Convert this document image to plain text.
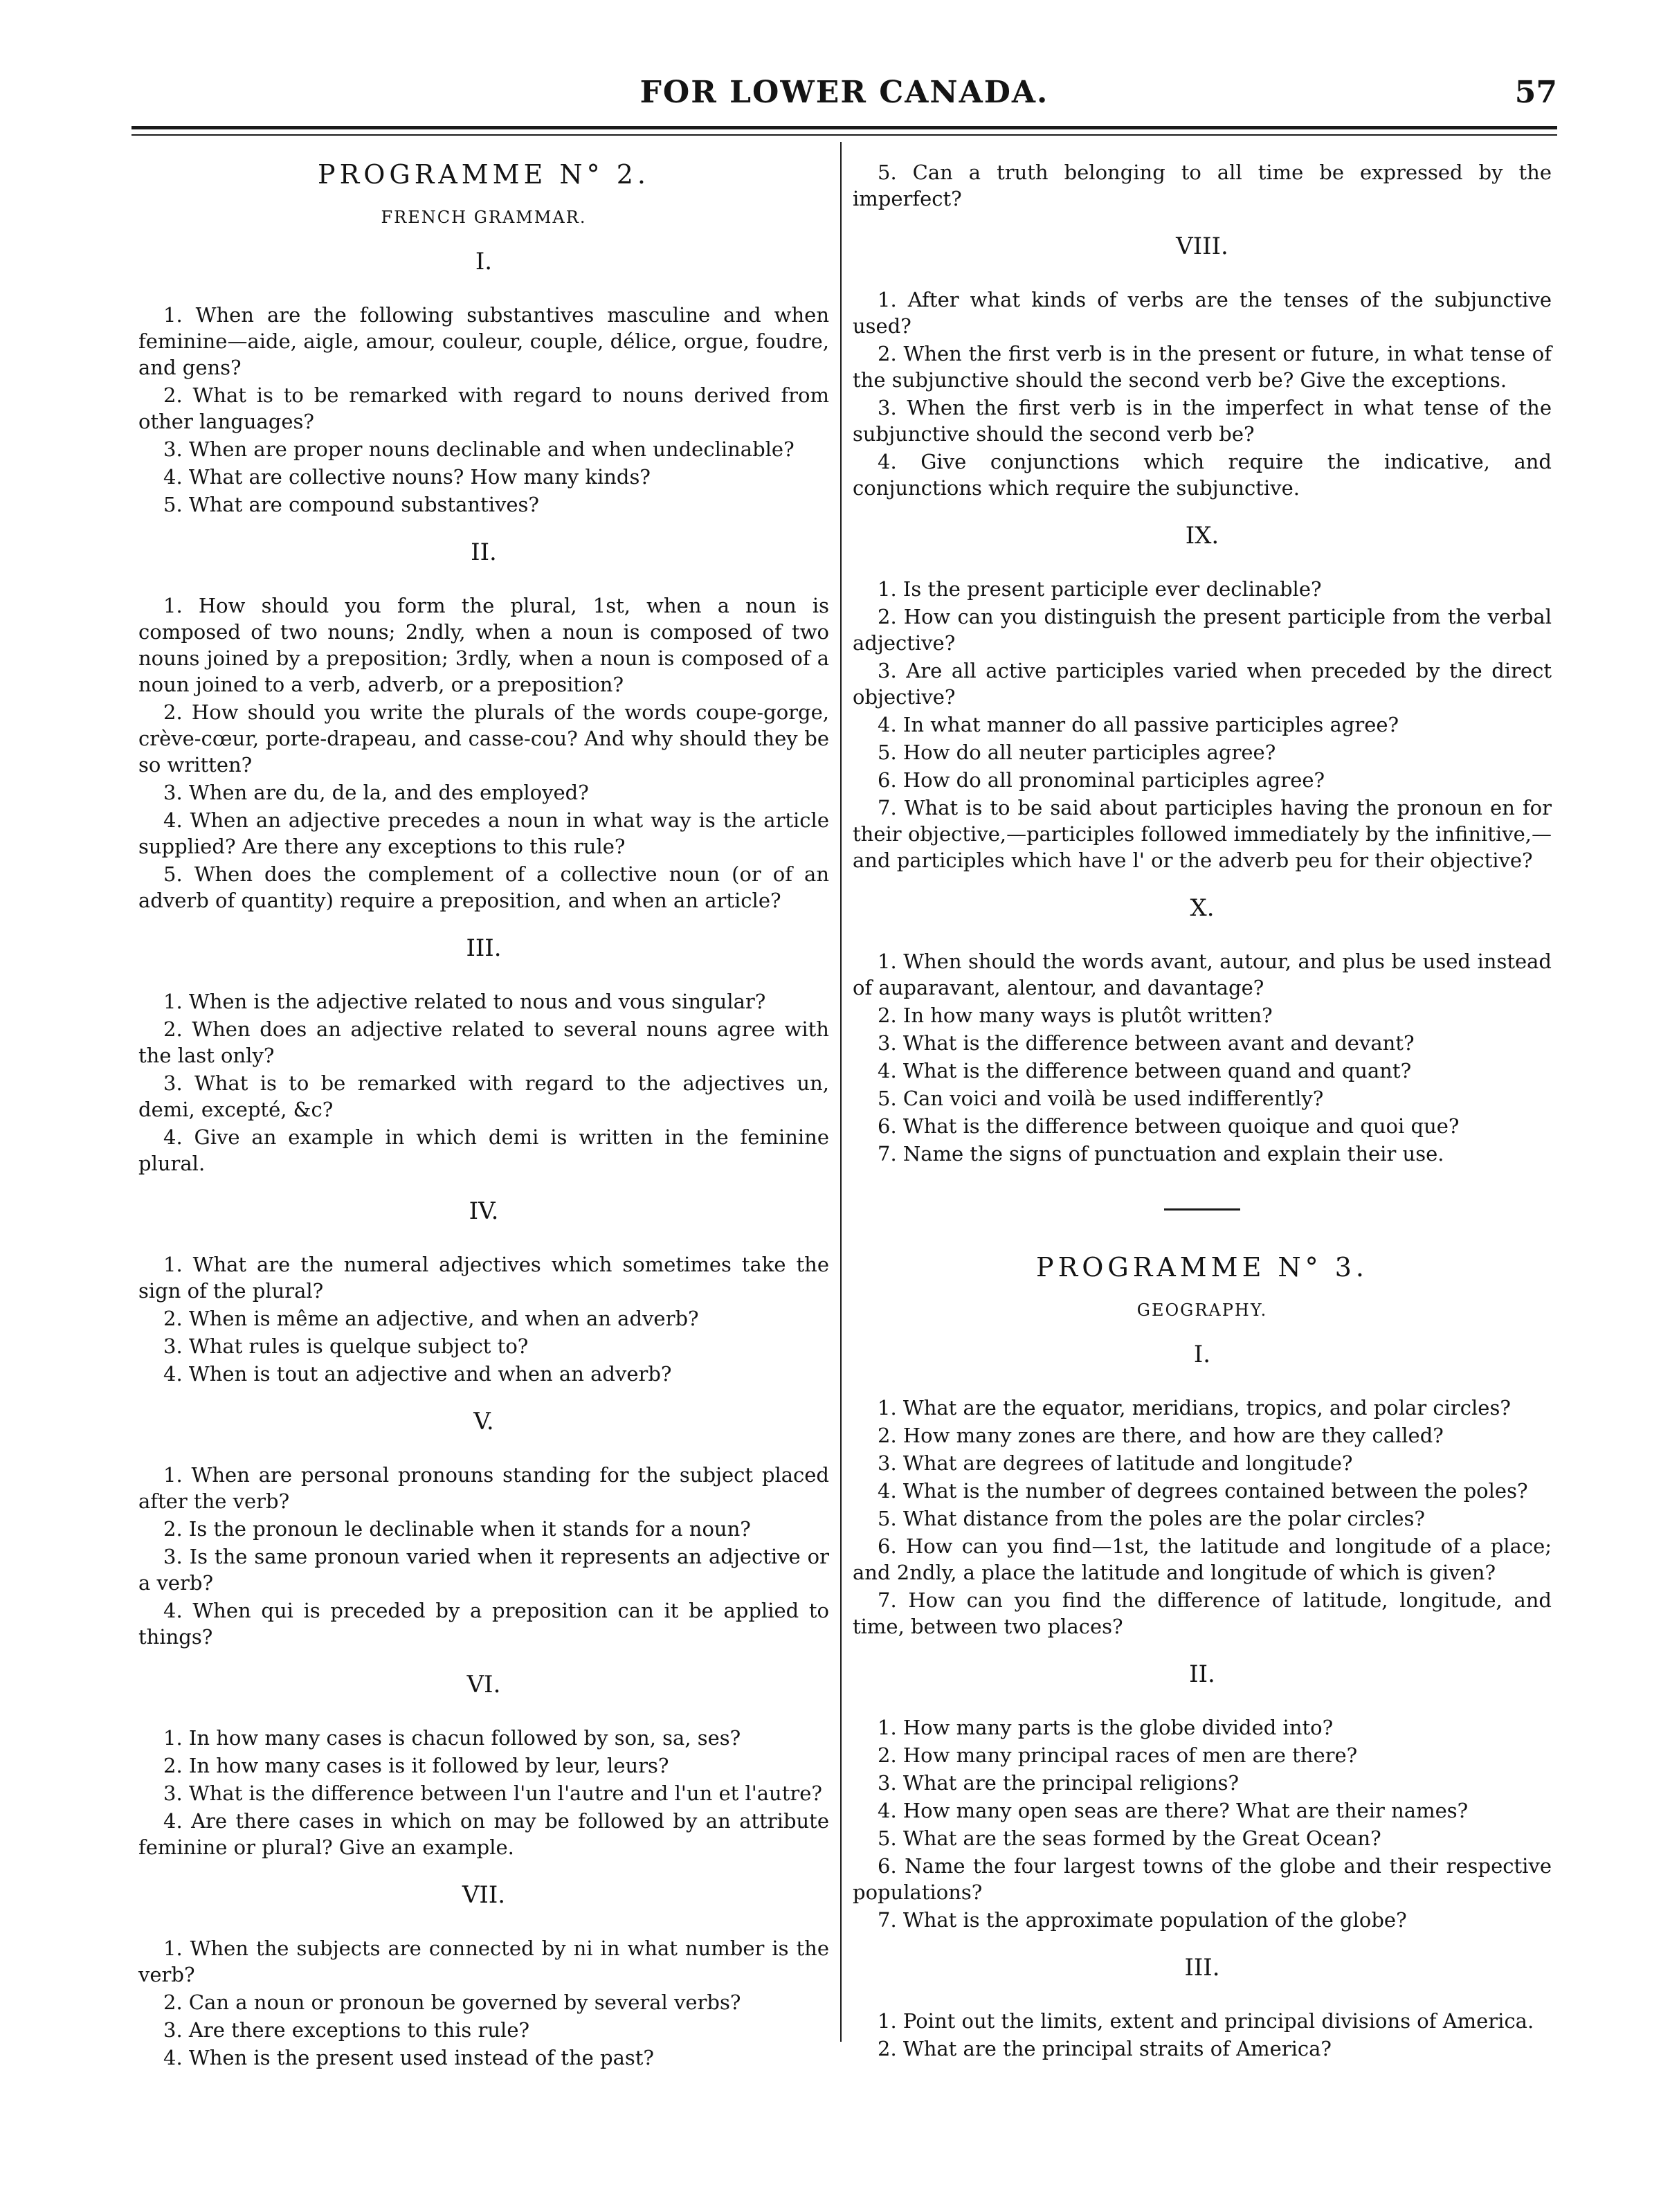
FOR LOWER CANADA.	57
PROGRAMME N° 2.
FRENCH GRAMMAR.
I.

1. When are the following substantives masculine and when feminine—aide, aigle, amour, couleur, couple, délice, orgue, foudre, and gens?

2. What is to be remarked with regard to nouns derived from other languages?

3. When are proper nouns declinable and when undeclinable?

4. What are collective nouns? How many kinds?

5. What are compound substantives?

II.

1. How should you form the plural, 1st, when a noun is composed of two nouns; 2ndly, when a noun is composed of two nouns joined by a preposition; 3rdly, when a noun is composed of a noun joined to a verb, adverb, or a preposition?

2. How should you write the plurals of the words coupe-gorge, crève-cœur, porte-drapeau, and casse-cou? And why should they be so written?

3. When are du, de la, and des employed?

4. When an adjective precedes a noun in what way is the article supplied? Are there any exceptions to this rule?

5. When does the complement of a collective noun (or of an adverb of quantity) require a preposition, and when an article?

III.

1. When is the adjective related to nous and vous singular?

2. When does an adjective related to several nouns agree with the last only?

3. What is to be remarked with regard to the adjectives un, demi, excepté, &c?

4. Give an example in which demi is written in the feminine plural.

IV.

1. What are the numeral adjectives which sometimes take the sign of the plural?

2. When is même an adjective, and when an adverb?

3. What rules is quelque subject to?

4. When is tout an adjective and when an adverb?

V.

1. When are personal pronouns standing for the subject placed after the verb?

2. Is the pronoun le declinable when it stands for a noun?

3. Is the same pronoun varied when it represents an adjective or a verb?

4. When qui is preceded by a preposition can it be applied to things?

VI.

1. In how many cases is chacun followed by son, sa, ses?

2. In how many cases is it followed by leur, leurs?

3. What is the difference between l'un l'autre and l'un et l'autre?

4. Are there cases in which on may be followed by an attribute feminine or plural? Give an example.

VII.

1. When the subjects are connected by ni in what number is the verb?

2. Can a noun or pronoun be governed by several verbs?

3. Are there exceptions to this rule?

4. When is the present used instead of the past?

5. Can a truth belonging to all time be expressed by the imperfect?

VIII.

1. After what kinds of verbs are the tenses of the subjunctive used?

2. When the first verb is in the present or future, in what tense of the subjunctive should the second verb be? Give the exceptions.

3. When the first verb is in the imperfect in what tense of the subjunctive should the second verb be?

4. Give conjunctions which require the indicative, and conjunctions which require the subjunctive.

IX.

1. Is the present participle ever declinable?

2. How can you distinguish the present participle from the verbal adjective?

3. Are all active participles varied when preceded by the direct objective?

4. In what manner do all passive participles agree?

5. How do all neuter participles agree?

6. How do all pronominal participles agree?

7. What is to be said about participles having the pronoun en for their objective,—participles followed immediately by the infinitive,—and participles which have l' or the adverb peu for their objective?

X.

1. When should the words avant, autour, and plus be used instead of auparavant, alentour, and davantage?

2. In how many ways is plutôt written?

3. What is the difference between avant and devant?

4. What is the difference between quand and quant?

5. Can voici and voilà be used indifferently?

6. What is the difference between quoique and quoi que?

7. Name the signs of punctuation and explain their use.

PROGRAMME N° 3.
GEOGRAPHY.
I.

1. What are the equator, meridians, tropics, and polar circles?

2. How many zones are there, and how are they called?

3. What are degrees of latitude and longitude?

4. What is the number of degrees contained between the poles?

5. What distance from the poles are the polar circles?

6. How can you find—1st, the latitude and longitude of a place; and 2ndly, a place the latitude and longitude of which is given?

7. How can you find the difference of latitude, longitude, and time, between two places?

II.

1. How many parts is the globe divided into?

2. How many principal races of men are there?

3. What are the principal religions?

4. How many open seas are there? What are their names?

5. What are the seas formed by the Great Ocean?

6. Name the four largest towns of the globe and their respective populations?

7. What is the approximate population of the globe?

III.

1. Point out the limits, extent and principal divisions of America.

2. What are the principal straits of America?
